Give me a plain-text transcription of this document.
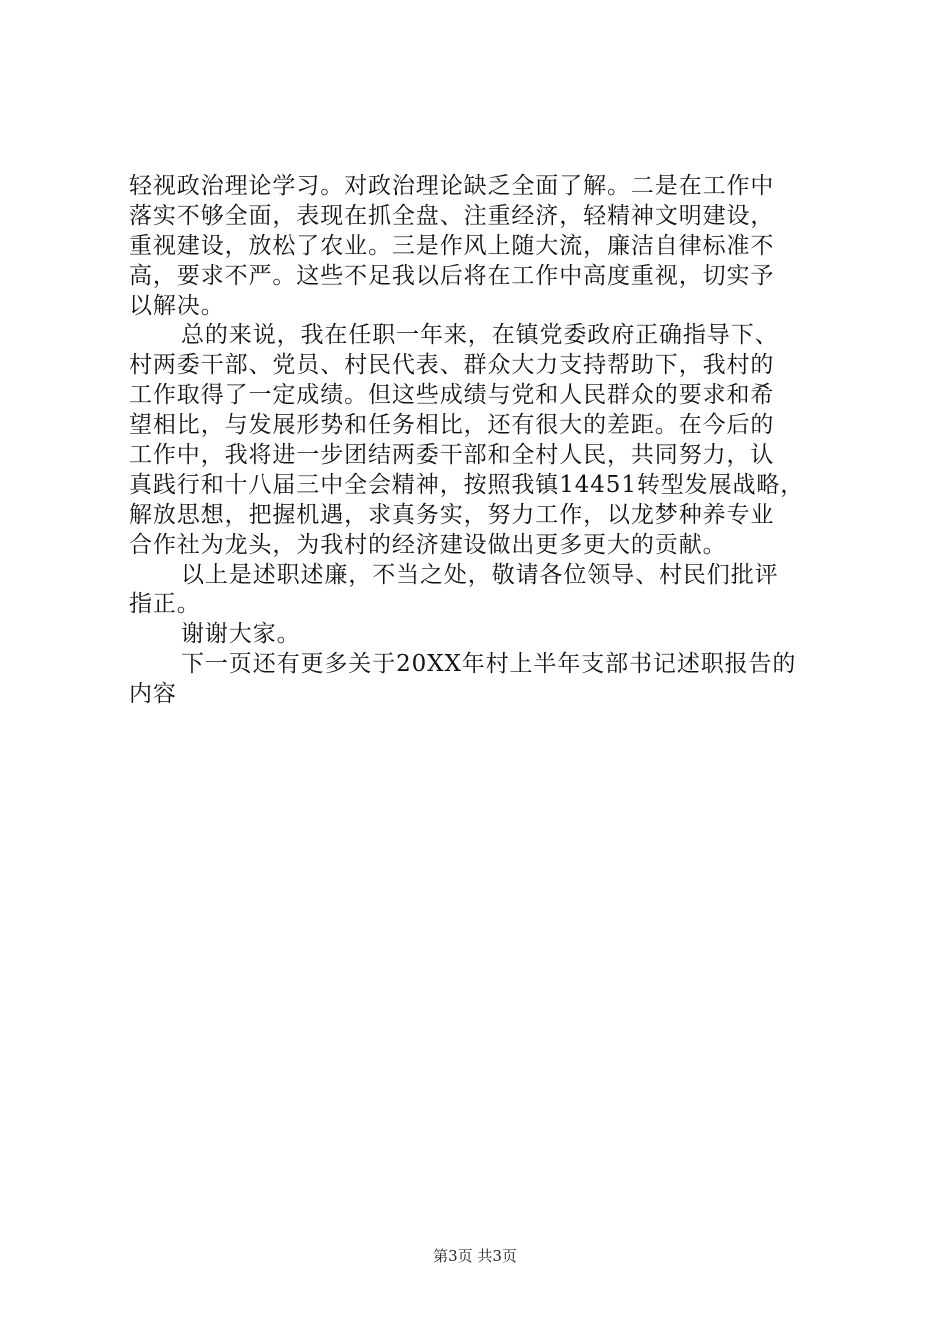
轻视政治理论学习。对政治理论缺乏全面了解。二是在工作中
落实不够全面，表现在抓全盘、注重经济，轻精神文明建设，
重视建设，放松了农业。三是作风上随大流，廉洁自律标准不
高，要求不严。这些不足我以后将在工作中高度重视，切实予
以解决。
总的来说，我在任职一年来，在镇党委政府正确指导下、
村两委干部、党员、村民代表、群众大力支持帮助下，我村的
工作取得了一定成绩。但这些成绩与党和人民群众的要求和希
望相比，与发展形势和任务相比，还有很大的差距。在今后的
工作中，我将进一步团结两委干部和全村人民，共同努力，认
真践行和十八届三中全会精神，按照我镇14451转型发展战略，
解放思想，把握机遇，求真务实，努力工作，以龙梦种养专业
合作社为龙头，为我村的经济建设做出更多更大的贡献。
以上是述职述廉，不当之处，敬请各位领导、村民们批评
指正。
谢谢大家。
下一页还有更多关于20XX年村上半年支部书记述职报告的
内容
第3页 共3页
